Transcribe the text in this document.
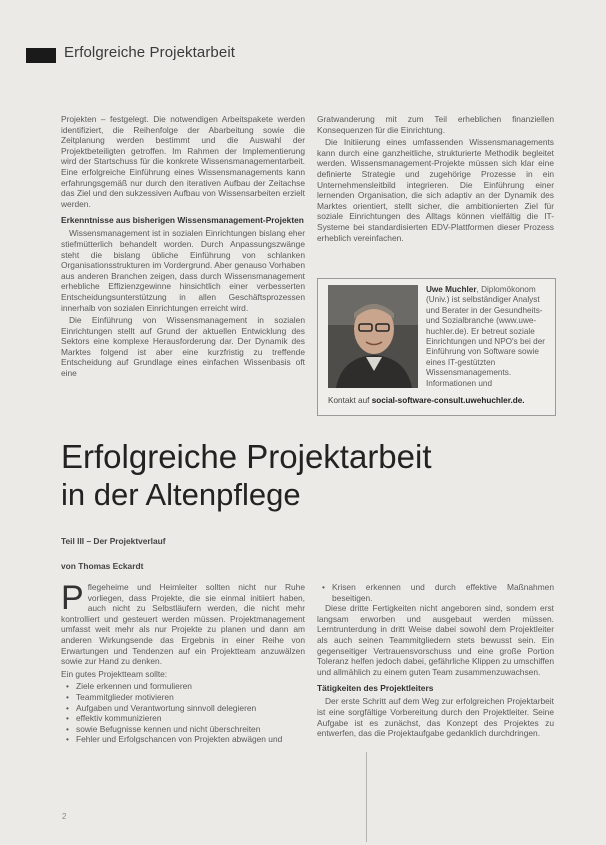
Erfolgreiche Projektarbeit

Projekten – festgelegt. Die notwendigen Arbeitspakete werden identifiziert, die Reihenfolge der Abarbeitung sowie die Zeitplanung werden bestimmt und die Auswahl der Projektbeteiligten getroffen. Im Rahmen der Implementierung wird der Startschuss für die konkrete Wissensmanagementarbeit. Eine erfolgreiche Einführung eines Wissensmanagements kann erfahrungsgemäß nur durch den iterativen Aufbau der Zeitachse das Ziel und den sukzessiven Aufbau von Wissensarbeiten erzielt werden.

Erkenntnisse aus bisherigen Wissensmanagement-Projekten

Wissensmanagement ist in sozialen Einrichtungen bislang eher stiefmütterlich behandelt worden. Durch Anpassungszwänge steht die bislang übliche Einführung von schlanken Organisationsstrukturen im Vordergrund. Aber genauso Vorhaben aus anderen Branchen zeigen, dass durch Wissensmanagement erhebliche Effizienzgewinne hinsichtlich einer verbesserten Entscheidungsunterstützung in allen Geschäftsprozessen innerhalb von sozialen Einrichtungen erreicht wird.

Die Einführung von Wissensmanagement in sozialen Einrichtungen stellt auf Grund der aktuellen Entwicklung des Sektors eine komplexe Herausforderung dar. Der Dynamik des Marktes folgend ist aber eine kurzfristig zu treffende Entscheidung auf Grundlage eines einfachen Wissenbasis oft eine

Gratwanderung mit zum Teil erheblichen finanziellen Konsequenzen für die Einrichtung.

Die Initiierung eines umfassenden Wissensmanagements kann durch eine ganzheitliche, strukturierte Methodik begleitet werden. Wissensmanagement-Projekte müssen sich klar eine definierte Strategie und zugehörige Prozesse in ein Unternehmensleitbild integrieren. Die Einführung einer lernenden Organisation, die sich adaptiv an der Dynamik des Marktes orientiert, stellt sicher, die ambitionierten Ziel für soziale Einrichtungen des Alltags können vielfältig die IT-Systeme bei standardisierten EDV-Plattformen dieser Prozess erheblich vereinfachen.

Uwe Muchler, Diplomökonom (Univ.) ist selbständiger Analyst und Berater in der Gesundheits- und Sozialbranche (www.uwe-huchler.de). Er betreut soziale Einrichtungen und NPO's bei der Einführung von Software sowie eines IT-gestützten Wissensmanagements. Informationen und
Kontakt auf social-software-consult.uwehuchler.de.
Erfolgreiche Projektarbeit
in der Altenpflege
Teil III – Der Projektverlauf
von Thomas Eckardt
Pflegeheime und Heimleiter sollten nicht nur Ruhe vorliegen, dass Projekte, die sie einmal initiiert haben, auch nicht zu Selbstläufern werden, die nicht mehr kontrolliert und gesteuert werden müssen. Projektmanagement umfasst weit mehr als nur Projekte zu planen und dann am anderen Wirkungsende das Ergebnis in einer Reihe von Erwartungen und Tendenzen auf ein Projektteam anzuwälzen sowie zur Hand zu denken.
Ein gutes Projektteam sollte:
• Ziele erkennen und formulieren
• Teammitglieder motivieren
• Aufgaben und Verantwortung sinnvoll delegieren
• effektiv kommunizieren
• sowie Befugnisse kennen und nicht überschreiten
• Fehler und Erfolgschancen von Projekten abwägen und
• Krisen erkennen und durch effektive Maßnahmen beseitigen.

Diese dritte Fertigkeiten nicht angeboren sind, sondern erst langsam erworben und ausgebaut werden müssen. Lerntrunterdung in dritt Weise dabei sowohl dem Projektleiter als auch seinen Teammitgliedern stets bewusst sein. Ein gegenseitiger Vertrauensvorschuss und eine große Portion Toleranz helfen jedoch dabei, gefährliche Klippen zu umschiffen und allmählich zu einem guten Team zusammenzuwachsen.

Tätigkeiten des Projektleiters

Der erste Schritt auf dem Weg zur erfolgreichen Projektarbeit ist eine sorgfältige Vorbereitung durch den Projektleiter. Seine Aufgabe ist es zunächst, das Konzept des Projektes zu entwerfen, das die Projektaufgabe gedanklich durchdringen.

2
